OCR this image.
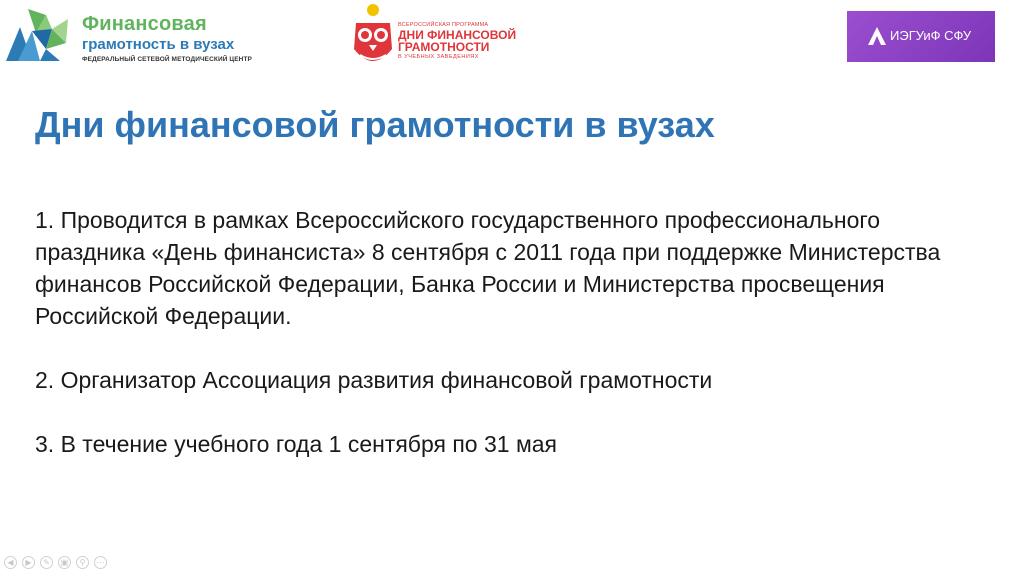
Финансовая
грамотность в вузах
ФЕДЕРАЛЬНЫЙ СЕТЕВОЙ МЕТОДИЧЕСКИЙ ЦЕНТР
ВСЕРОССИЙСКАЯ ПРОГРАММА
ДНИ ФИНАНСОВОЙ
ГРАМОТНОСТИ
В УЧЕБНЫХ ЗАВЕДЕНИЯХ
ИЭГУиФ СФУ
Дни финансовой грамотности в вузах

1. Проводится в рамках Всероссийского государственного профессионального праздника «День финансиста» 8 сентября с 2011 года при поддержке Министерства финансов Российской Федерации, Банка России и Министерства просвещения Российской Федерации.

2. Организатор Ассоциация развития финансовой грамотности

3. В течение учебного года 1 сентября по 31 мая

◀	▶	✎	▣	⚲	⋯
